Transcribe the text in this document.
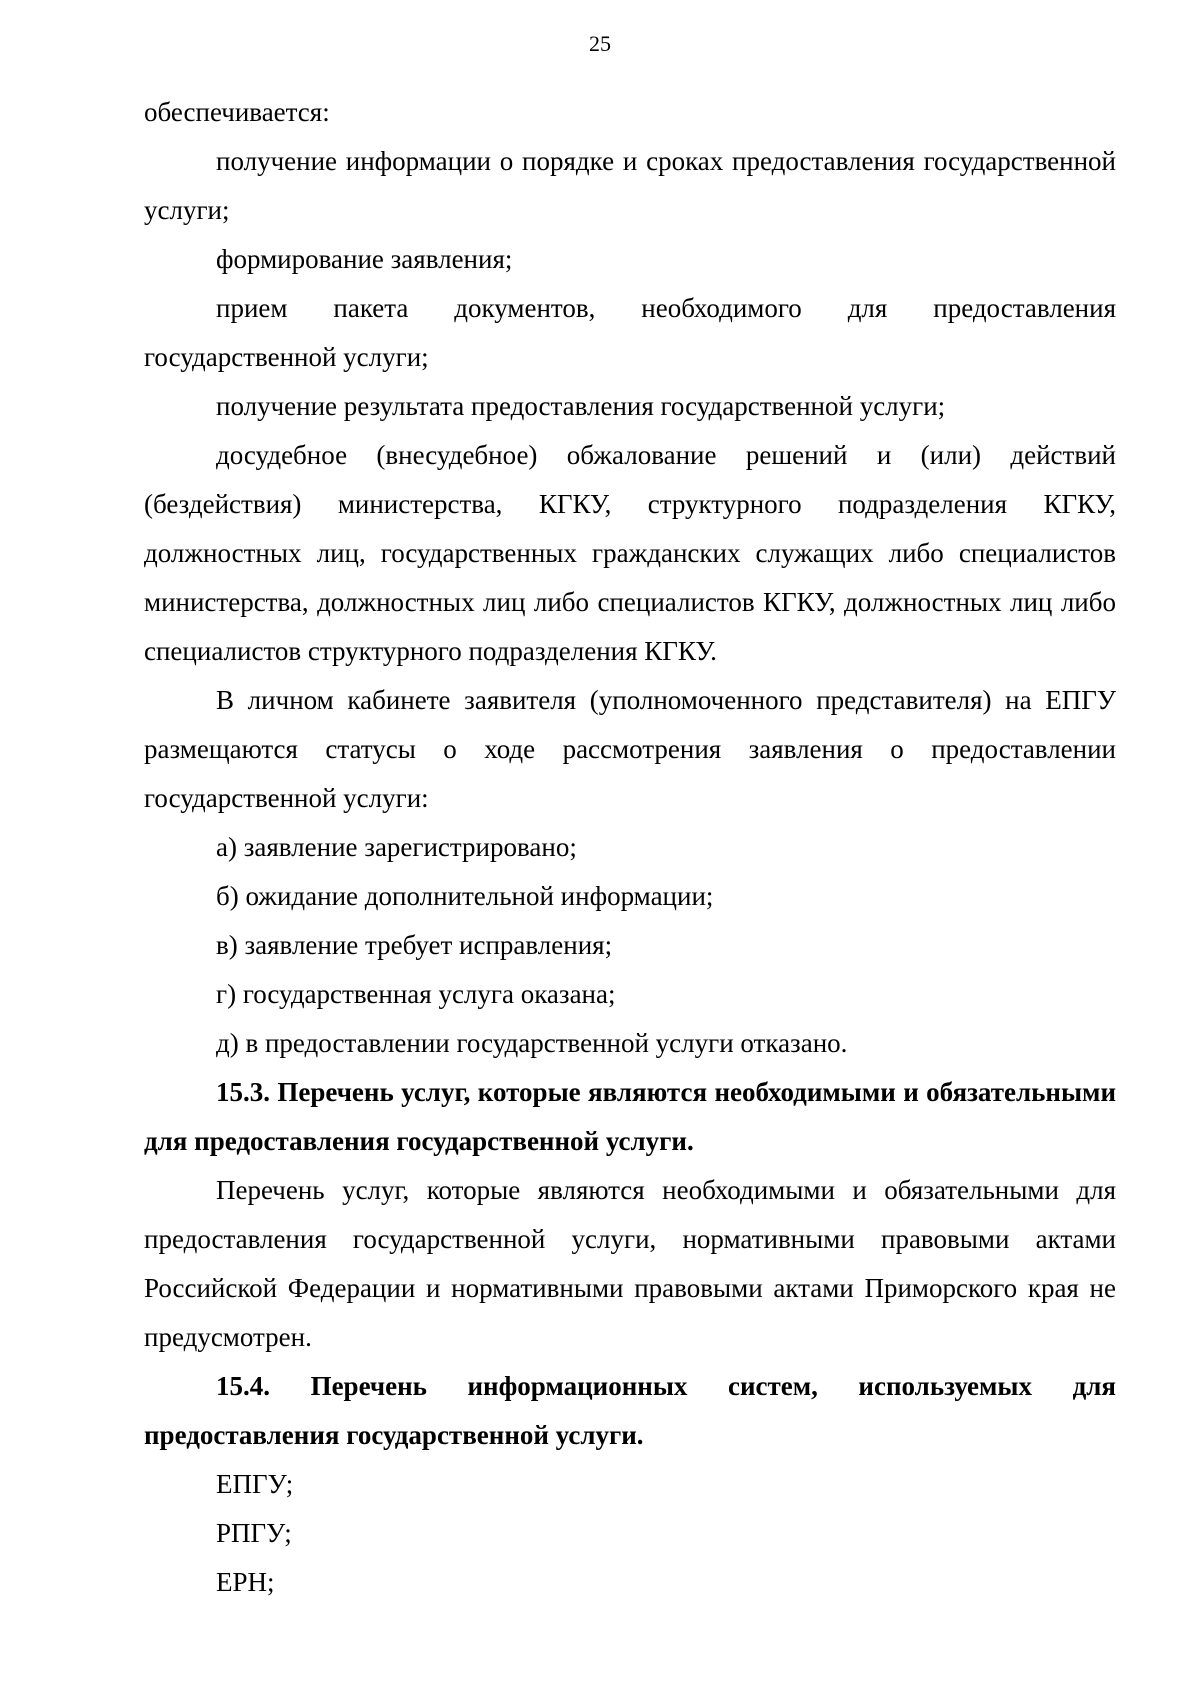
25

обеспечивается:

получение информации о порядке и сроках предоставления государственной услуги;

формирование заявления;

прием пакета документов, необходимого для предоставления государственной услуги;

получение результата предоставления государственной услуги;

досудебное (внесудебное) обжалование решений и (или) действий (бездействия) министерства, КГКУ, структурного подразделения КГКУ, должностных лиц, государственных гражданских служащих либо специалистов министерства, должностных лиц либо специалистов КГКУ, должностных лиц либо специалистов структурного подразделения КГКУ.

В личном кабинете заявителя (уполномоченного представителя) на ЕПГУ размещаются статусы о ходе рассмотрения заявления о предоставлении государственной услуги:

а) заявление зарегистрировано;

б) ожидание дополнительной информации;

в) заявление требует исправления;

г) государственная услуга оказана;

д) в предоставлении государственной услуги отказано.

15.3. Перечень услуг, которые являются необходимыми и обязательными для предоставления государственной услуги.

Перечень услуг, которые являются необходимыми и обязательными для предоставления государственной услуги, нормативными правовыми актами Российской Федерации и нормативными правовыми актами Приморского края не предусмотрен.

15.4. Перечень информационных систем, используемых для предоставления государственной услуги.

ЕПГУ;

РПГУ;

ЕРН;
